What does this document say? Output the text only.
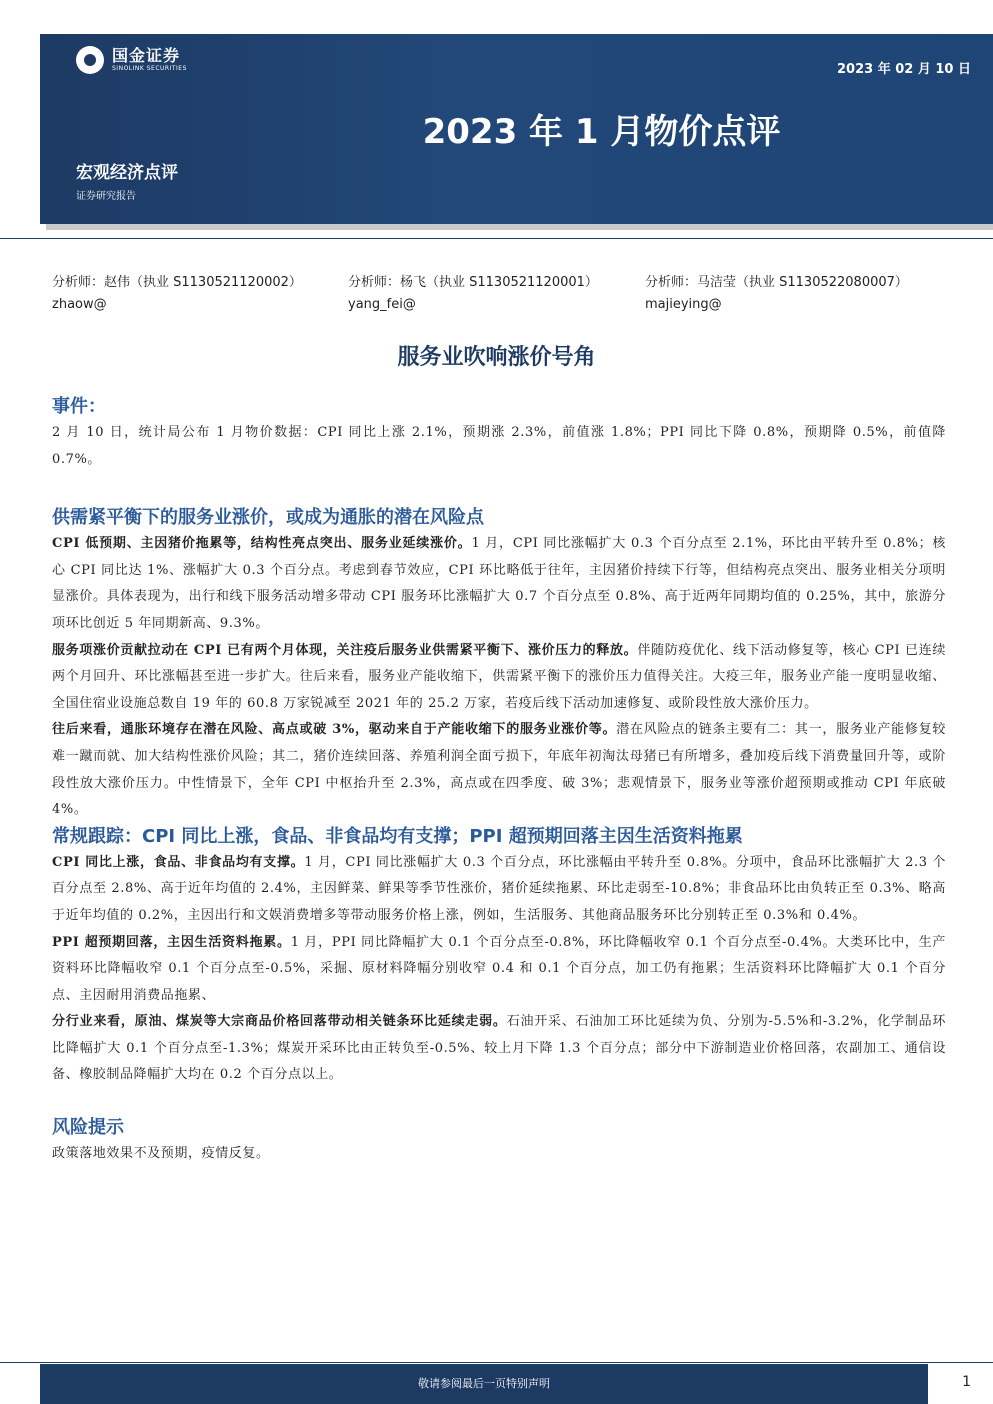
国金证券
SINOLINK SECURITIES	2023 年 02 月 10 日
2023 年 1 月物价点评
宏观经济点评
证券研究报告
分析师：赵伟（执业 S1130521120002）
zhaow@
分析师：杨飞（执业 S1130521120001）
yang_fei@
分析师：马洁莹（执业 S1130522080007）
majieying@
服务业吹响涨价号角
事件：

2 月 10 日，统计局公布 1 月物价数据：CPI 同比上涨 2.1%，预期涨 2.3%，前值涨 1.8%；PPI 同比下降 0.8%，预期降 0.5%，前值降 0.7%。

供需紧平衡下的服务业涨价，或成为通胀的潜在风险点

CPI 低预期、主因猪价拖累等，结构性亮点突出、服务业延续涨价。1 月，CPI 同比涨幅扩大 0.3 个百分点至 2.1%，环比由平转升至 0.8%；核心 CPI 同比达 1%、涨幅扩大 0.3 个百分点。考虑到春节效应，CPI 环比略低于往年，主因猪价持续下行等，但结构亮点突出、服务业相关分项明显涨价。具体表现为，出行和线下服务活动增多带动 CPI 服务环比涨幅扩大 0.7 个百分点至 0.8%、高于近两年同期均值的 0.25%，其中，旅游分项环比创近 5 年同期新高、9.3%。

服务项涨价贡献拉动在 CPI 已有两个月体现，关注疫后服务业供需紧平衡下、涨价压力的释放。伴随防疫优化、线下活动修复等，核心 CPI 已连续两个月回升、环比涨幅甚至进一步扩大。往后来看，服务业产能收缩下，供需紧平衡下的涨价压力值得关注。大疫三年，服务业产能一度明显收缩、全国住宿业设施总数自 19 年的 60.8 万家锐减至 2021 年的 25.2 万家，若疫后线下活动加速修复、或阶段性放大涨价压力。

往后来看，通胀环境存在潜在风险、高点或破 3%，驱动来自于产能收缩下的服务业涨价等。潜在风险点的链条主要有二：其一，服务业产能修复较难一蹴而就、加大结构性涨价风险；其二，猪价连续回落、养殖利润全面亏损下，年底年初淘汰母猪已有所增多，叠加疫后线下消费量回升等，或阶段性放大涨价压力。中性情景下，全年 CPI 中枢抬升至 2.3%，高点或在四季度、破 3%；悲观情景下，服务业等涨价超预期或推动 CPI 年底破 4%。

常规跟踪：CPI 同比上涨，食品、非食品均有支撑；PPI 超预期回落主因生活资料拖累

CPI 同比上涨，食品、非食品均有支撑。1 月，CPI 同比涨幅扩大 0.3 个百分点，环比涨幅由平转升至 0.8%。分项中，食品环比涨幅扩大 2.3 个百分点至 2.8%、高于近年均值的 2.4%，主因鲜菜、鲜果等季节性涨价，猪价延续拖累、环比走弱至-10.8%；非食品环比由负转正至 0.3%、略高于近年均值的 0.2%，主因出行和文娱消费增多等带动服务价格上涨，例如，生活服务、其他商品服务环比分别转正至 0.3%和 0.4%。

PPI 超预期回落，主因生活资料拖累。1 月，PPI 同比降幅扩大 0.1 个百分点至-0.8%，环比降幅收窄 0.1 个百分点至-0.4%。大类环比中，生产资料环比降幅收窄 0.1 个百分点至-0.5%，采掘、原材料降幅分别收窄 0.4 和 0.1 个百分点，加工仍有拖累；生活资料环比降幅扩大 0.1 个百分点、主因耐用消费品拖累、

分行业来看，原油、煤炭等大宗商品价格回落带动相关链条环比延续走弱。石油开采、石油加工环比延续为负、分别为-5.5%和-3.2%，化学制品环比降幅扩大 0.1 个百分点至-1.3%；煤炭开采环比由正转负至-0.5%、较上月下降 1.3 个百分点；部分中下游制造业价格回落，农副加工、通信设备、橡胶制品降幅扩大均在 0.2 个百分点以上。

风险提示

政策落地效果不及预期，疫情反复。

敬请参阅最后一页特别声明	1
